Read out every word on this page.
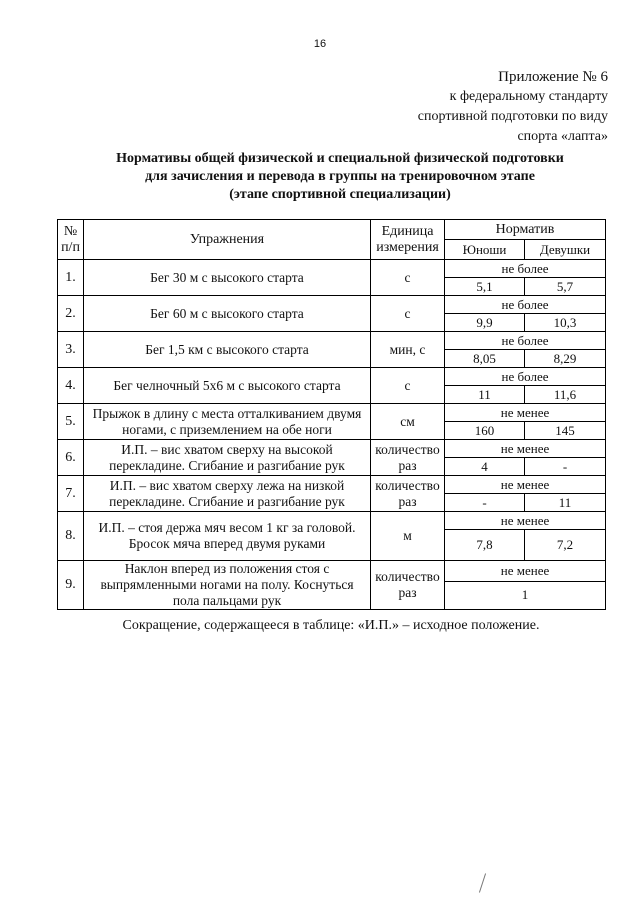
16
Приложение № 6
к федеральному стандарту
спортивной подготовки по виду
спорта «лапта»
Нормативы общей физической и специальной физической подготовки
для зачисления и перевода в группы на тренировочном этапе
(этапе спортивной специализации)
№ п/п	Упражнения	Единица измерения	Норматив	
			Юноши	Девушки
1.	Бег 30 м с высокого старта	с	не более	
			5,1	5,7
2.	Бег 60 м с высокого старта	с	не более	
			9,9	10,3
3.	Бег 1,5 км с высокого старта	мин, с	не более	
			8,05	8,29
4.	Бег челночный 5х6 м с высокого старта	с	не более	
			11	11,6
5.	Прыжок в длину с места отталкиванием двумя ногами, с приземлением на обе ноги	см	не менее	
			160	145
6.	И.П. – вис хватом сверху на высокой перекладине. Сгибание и разгибание рук	количество раз	не менее	
			4	-
7.	И.П. – вис хватом сверху лежа на низкой перекладине. Сгибание и разгибание рук	количество раз	не менее	
			-	11
8.	И.П. – стоя держа мяч весом 1 кг за головой. Бросок мяча вперед двумя руками	м	не менее	
			7,8	7,2
9.	Наклон вперед из положения стоя с выпрямленными ногами на полу. Коснуться пола пальцами рук	количество раз	не менее	
			1	
Сокращение, содержащееся в таблице: «И.П.» – исходное положение.
